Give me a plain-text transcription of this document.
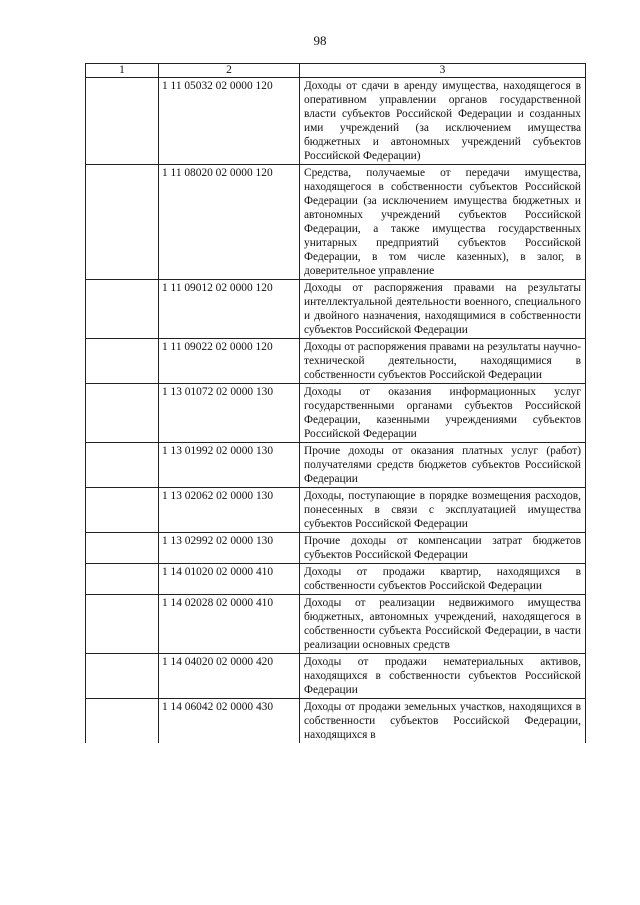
98
1	2	3
	1 11 05032 02 0000 120	Доходы от сдачи в аренду имущества, находящегося в оперативном управлении органов государственной власти субъектов Российской Федерации и созданных ими учреждений (за исключением имущества бюджетных и автономных учреждений субъектов Российской Федерации)
	1 11 08020 02 0000 120	Средства, получаемые от передачи имущества, находящегося в собственности субъектов Российской Федерации (за исключением имущества бюджетных и автономных учреждений субъектов Российской Федерации, а также имущества государственных унитарных предприятий субъектов Российской Федерации, в том числе казенных), в залог, в доверительное управление
	1 11 09012 02 0000 120	Доходы от распоряжения правами на результаты интеллектуальной деятельности военного, специального и двойного назначения, находящимися в собственности субъектов Российской Федерации
	1 11 09022 02 0000 120	Доходы от распоряжения правами на результаты научно-технической деятельности, находящимися в собственности субъектов Российской Федерации
	1 13 01072 02 0000 130	Доходы от оказания информационных услуг государственными органами субъектов Российской Федерации, казенными учреждениями субъектов Российской Федерации
	1 13 01992 02 0000 130	Прочие доходы от оказания платных услуг (работ) получателями средств бюджетов субъектов Российской Федерации
	1 13 02062 02 0000 130	Доходы, поступающие в порядке возмещения расходов, понесенных в связи с эксплуатацией имущества субъектов Российской Федерации
	1 13 02992 02 0000 130	Прочие доходы от компенсации затрат бюджетов субъектов Российской Федерации
	1 14 01020 02 0000 410	Доходы от продажи квартир, находящихся в собственности субъектов Российской Федерации
	1 14 02028 02 0000 410	Доходы от реализации недвижимого имущества бюджетных, автономных учреждений, находящегося в собственности субъекта Российской Федерации, в части реализации основных средств
	1 14 04020 02 0000 420	Доходы от продажи нематериальных активов, находящихся в собственности субъектов Российской Федерации
	1 14 06042 02 0000 430	Доходы от продажи земельных участков, находящихся в собственности субъектов Российской Федерации, находящихся в
